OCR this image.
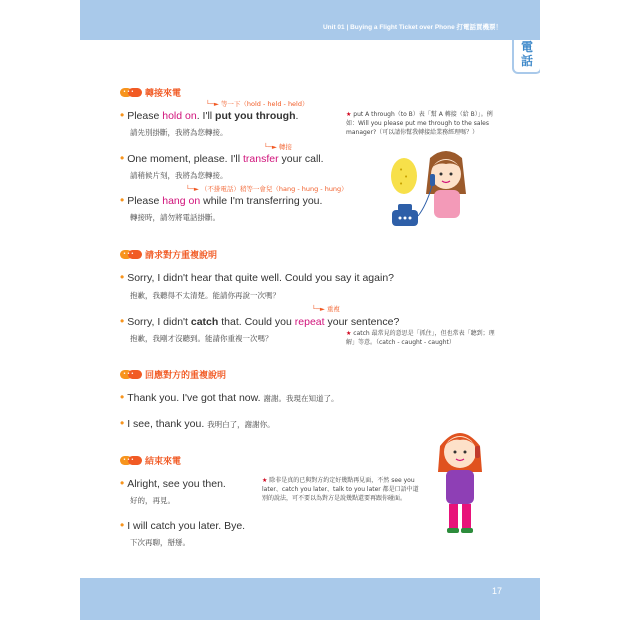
Unit 01 | Buying a Flight Ticket over Phone 打電話買機票！
電
話
••• 轉接來電
└─► 等一下（hold - held - held）
• Please hold on. I'll put you through.
請先別掛斷，我將為您轉接。
└─► 轉接
• One moment, please. I'll transfer your call.
請稍候片刻，我將為您轉接。
└─► （不掛電話）稍等一會兒（hang - hung - hung）
• Please hang on while I'm transferring you.
轉接時，請勿將電話掛斷。
★ put A through（to B）表「幫 A 轉接（給 B）」。例如：Will you please put me through to the sales manager?（可以請你幫我轉接給業務經理嗎？）
•
•
•
••• 請求對方重複說明
• Sorry, I didn't hear that quite well. Could you say it again?
抱歉，我聽得不太清楚。能請你再說一次嗎？
└─► 重複
• Sorry, I didn't catch that. Could you repeat your sentence?
抱歉，我剛才沒聽到。能請你重複一次嗎？
★ catch 最常見的意思是「抓住」，但也常表「聽到；理解」等意。（catch - caught - caught）
••• 回應對方的重複說明
• Thank you. I've got that now. 謝謝。我現在知道了。
• I see, thank you. 我明白了，謝謝你。
••• 結束來電
• Alright, see you then.
好的，再見。
• I will catch you later. Bye.
下次再聊，掰掰。
★ 除非是真的已與對方約定好幾點再見面，不然 see you later、catch you later、talk to you later 都是口語中道別的說法，可不要以為對方是說幾點還要再跟你碰面。
17
